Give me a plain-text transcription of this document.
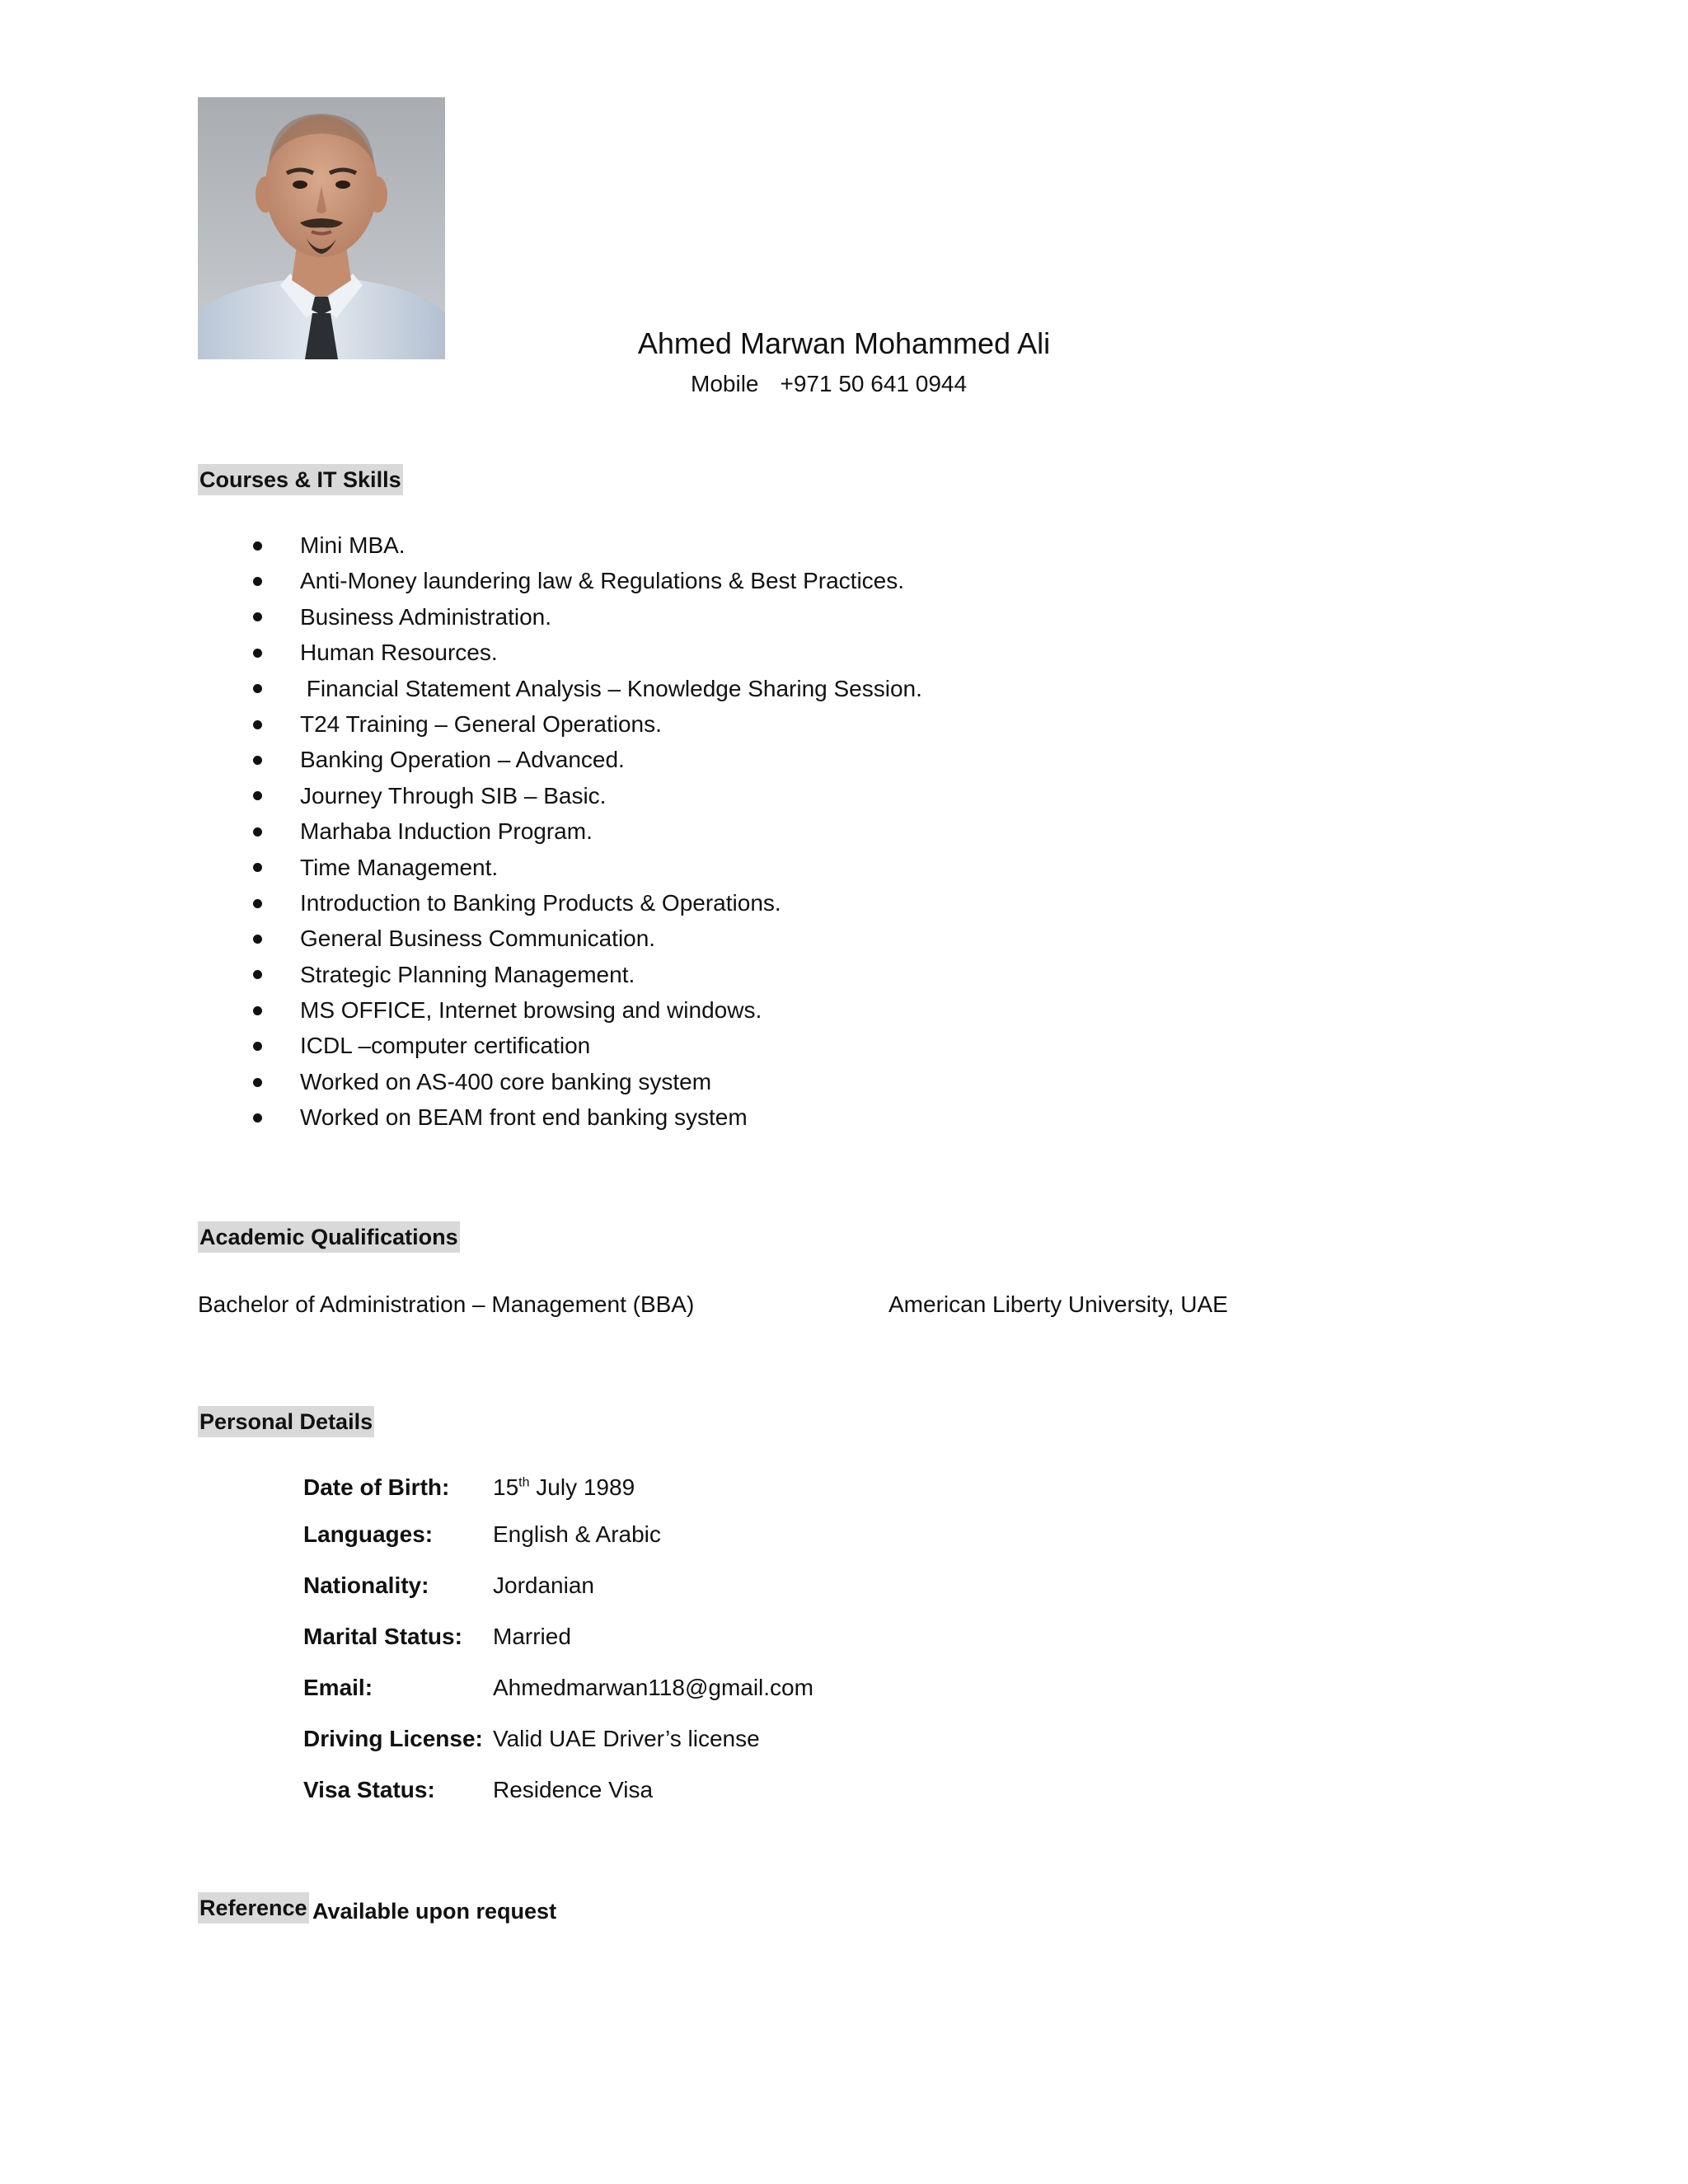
Ahmed Marwan Mohammed Ali
Mobile +971 50 641 0944
Courses & IT Skills
Mini MBA.
Anti-Money laundering law & Regulations & Best Practices.
Business Administration.
Human Resources.
Financial Statement Analysis – Knowledge Sharing Session.
T24 Training – General Operations.
Banking Operation – Advanced.
Journey Through SIB – Basic.
Marhaba Induction Program.
Time Management.
Introduction to Banking Products & Operations.
General Business Communication.
Strategic Planning Management.
MS OFFICE, Internet browsing and windows.
ICDL –computer certification
Worked on AS-400 core banking system
Worked on BEAM front end banking system
Academic Qualifications
Bachelor of Administration – Management (BBA)	American Liberty University, UAE
Personal Details
Date of Birth: 15th July 1989
Languages:	English & Arabic
Nationality:	Jordanian
Marital Status: Married
Email:	Ahmedmarwan118@gmail.com
Driving License: Valid UAE Driver’s license
Visa Status:	Residence Visa
Reference Available upon request
